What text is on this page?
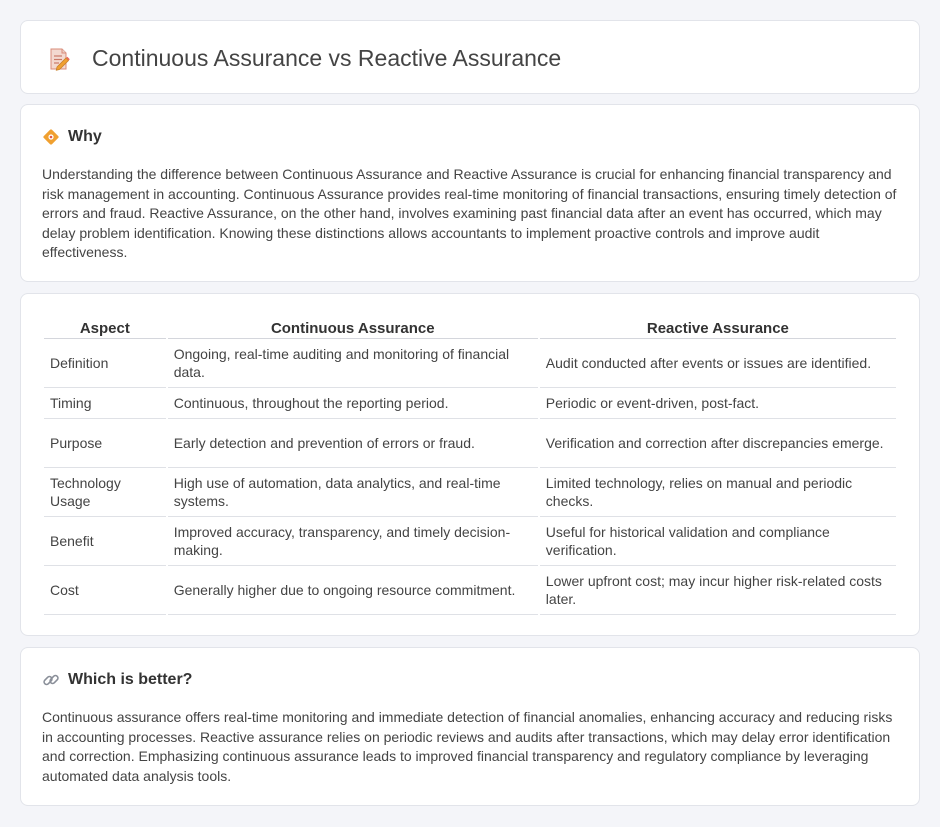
Continuous Assurance vs Reactive Assurance
Why

Understanding the difference between Continuous Assurance and Reactive Assurance is crucial for enhancing financial transparency and risk management in accounting. Continuous Assurance provides real-time monitoring of financial transactions, ensuring timely detection of errors and fraud. Reactive Assurance, on the other hand, involves examining past financial data after an event has occurred, which may delay problem identification. Knowing these distinctions allows accountants to implement proactive controls and improve audit effectiveness.

Aspect	Continuous Assurance	Reactive Assurance
Definition	Ongoing, real-time auditing and monitoring of financial data.	Audit conducted after events or issues are identified.
Timing	Continuous, throughout the reporting period.	Periodic or event-driven, post-fact.
Purpose	Early detection and prevention of errors or fraud.	Verification and correction after discrepancies emerge.
Technology Usage	High use of automation, data analytics, and real-time systems.	Limited technology, relies on manual and periodic checks.
Benefit	Improved accuracy, transparency, and timely decision-making.	Useful for historical validation and compliance verification.
Cost	Generally higher due to ongoing resource commitment.	Lower upfront cost; may incur higher risk-related costs later.
Which is better?

Continuous assurance offers real-time monitoring and immediate detection of financial anomalies, enhancing accuracy and reducing risks in accounting processes. Reactive assurance relies on periodic reviews and audits after transactions, which may delay error identification and correction. Emphasizing continuous assurance leads to improved financial transparency and regulatory compliance by leveraging automated data analysis tools.
